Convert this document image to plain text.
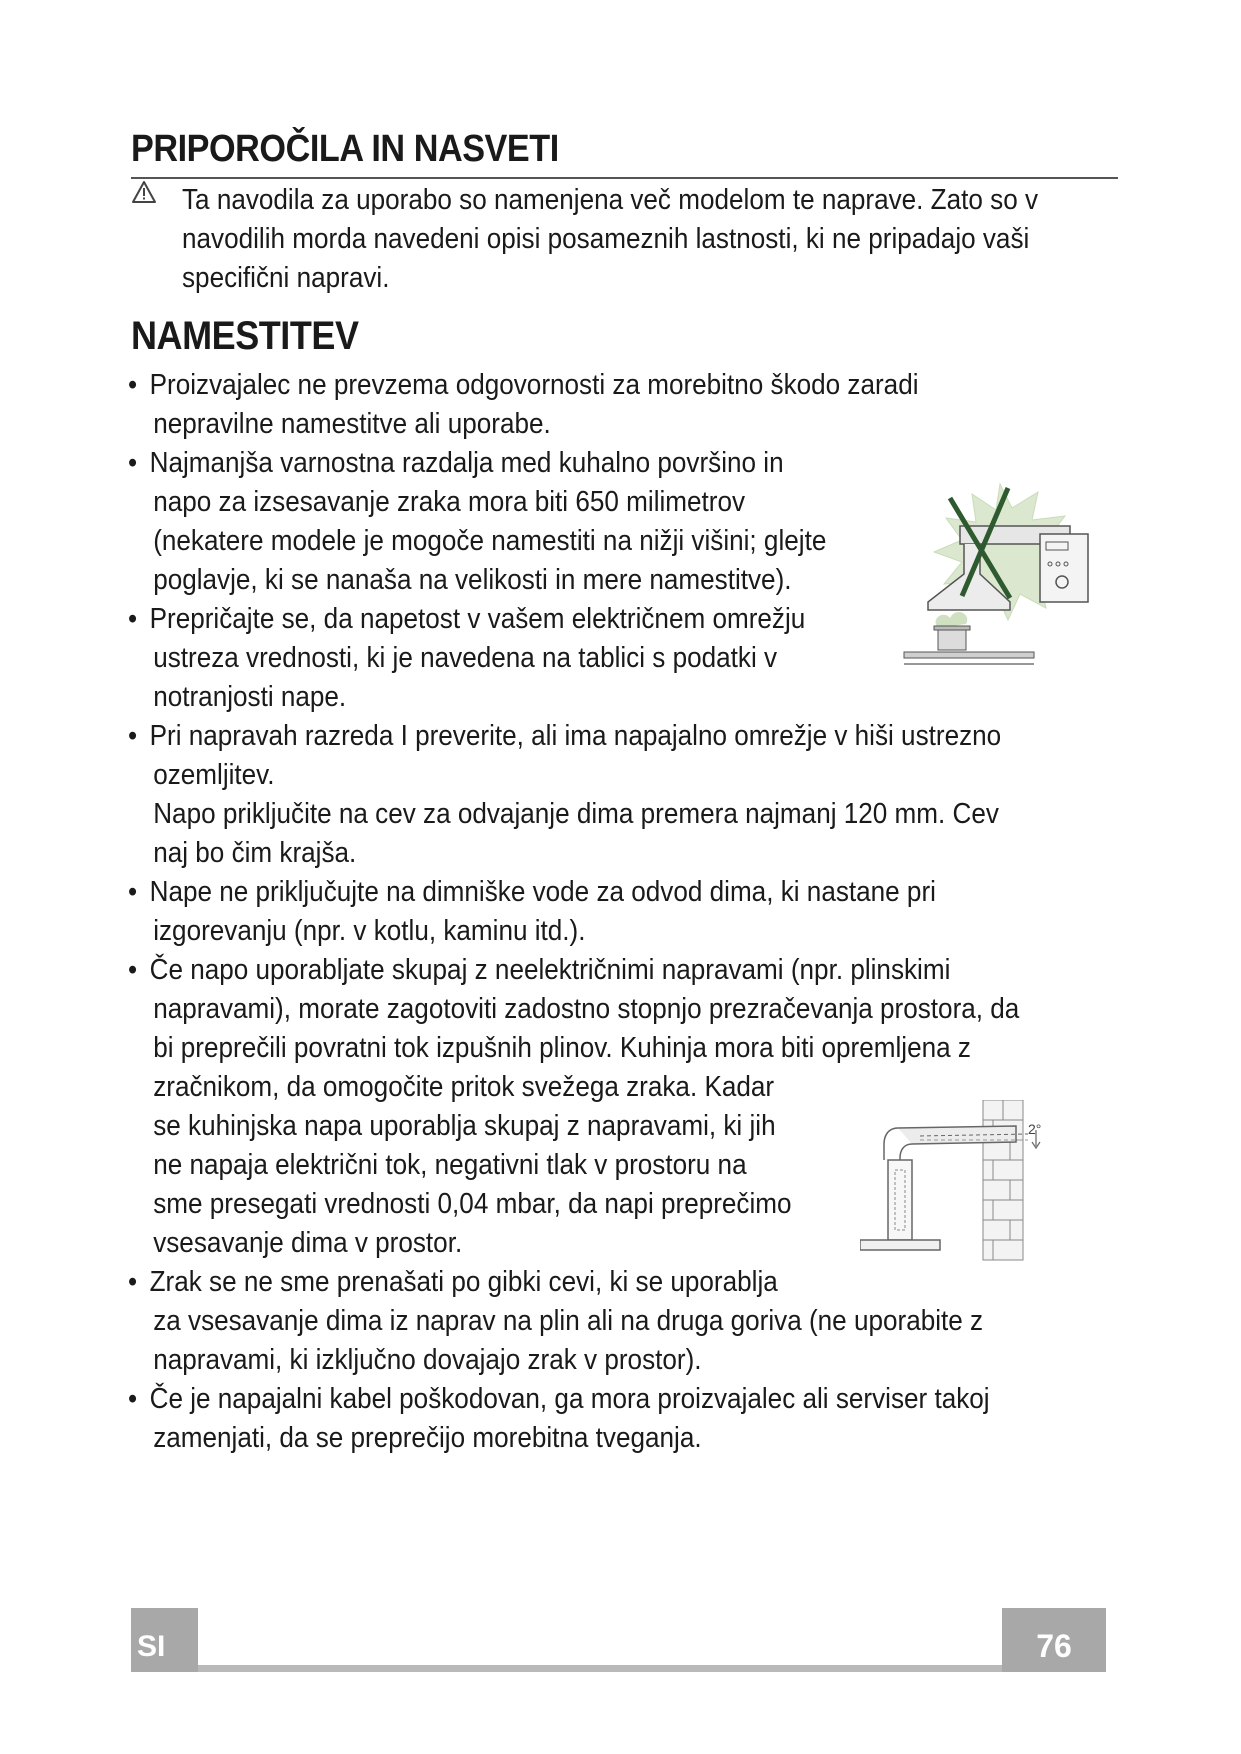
PRIPOROČILA IN NASVETI
Ta navodila za uporabo so namenjena več modelom te naprave. Zato so v
navodilih morda navedeni opisi posameznih lastnosti, ki ne pripadajo vaši
specifični napravi.
NAMESTITEV
• Proizvajalec ne prevzema odgovornosti za morebitno škodo zaradi
nepravilne namestitve ali uporabe.
• Najmanjša varnostna razdalja med kuhalno površino in
napo za izsesavanje zraka mora biti 650 milimetrov
(nekatere modele je mogoče namestiti na nižji višini; glejte
poglavje, ki se nanaša na velikosti in mere namestitve).
• Prepričajte se, da napetost v vašem električnem omrežju
ustreza vrednosti, ki je navedena na tablici s podatki v
notranjosti nape.
• Pri napravah razreda I preverite, ali ima napajalno omrežje v hiši ustrezno
ozemljitev.
Napo priključite na cev za odvajanje dima premera najmanj 120 mm. Cev
naj bo čim krajša.
• Nape ne priključujte na dimniške vode za odvod dima, ki nastane pri
izgorevanju (npr. v kotlu, kaminu itd.).
• Če napo uporabljate skupaj z neelektričnimi napravami (npr. plinskimi
napravami), morate zagotoviti zadostno stopnjo prezračevanja prostora, da
bi preprečili povratni tok izpušnih plinov. Kuhinja mora biti opremljena z
zračnikom, da omogočite pritok svežega zraka. Kadar
se kuhinjska napa uporablja skupaj z napravami, ki jih
ne napaja električni tok, negativni tlak v prostoru na
sme presegati vrednosti 0,04 mbar, da napi preprečimo
vsesavanje dima v prostor.
• Zrak se ne sme prenašati po gibki cevi, ki se uporablja
za vsesavanje dima iz naprav na plin ali na druga goriva (ne uporabite z
napravami, ki izključno dovajajo zrak v prostor).
• Če je napajalni kabel poškodovan, ga mora proizvajalec ali serviser takoj
zamenjati, da se preprečijo morebitna tveganja.
2°
SI	76
